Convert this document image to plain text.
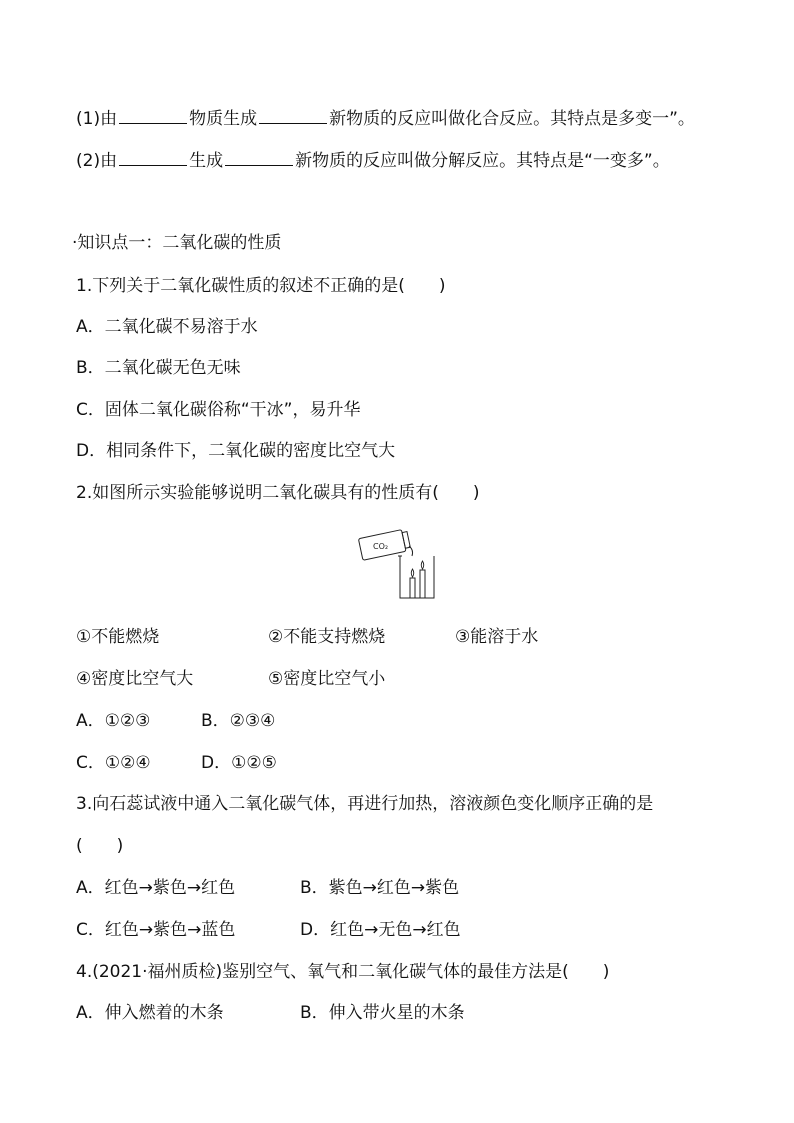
(1)由	物质生成	新物质的反应叫做化合反应。其特点是多变一”。
(2)由	生成	新物质的反应叫做分解反应。其特点是“一变多”。
·知识点一：二氧化碳的性质
1.下列关于二氧化碳性质的叙述不正确的是(　　)
A．二氧化碳不易溶于水
B．二氧化碳无色无味
C．固体二氧化碳俗称“干冰”，易升华
D．相同条件下，二氧化碳的密度比空气大
2.如图所示实验能够说明二氧化碳具有的性质有(　　)
CO₂
①不能燃烧	②不能支持燃烧	③能溶于水
④密度比空气大	⑤密度比空气小
A．①②③	B．②③④
C．①②④	D．①②⑤
3.向石蕊试液中通入二氧化碳气体，再进行加热，溶液颜色变化顺序正确的是
(　　)
A．红色→紫色→红色	B．紫色→红色→紫色
C．红色→紫色→蓝色	D．红色→无色→红色
4.(2021·福州质检)鉴别空气、氧气和二氧化碳气体的最佳方法是(　　)
A．伸入燃着的木条	B．伸入带火星的木条
